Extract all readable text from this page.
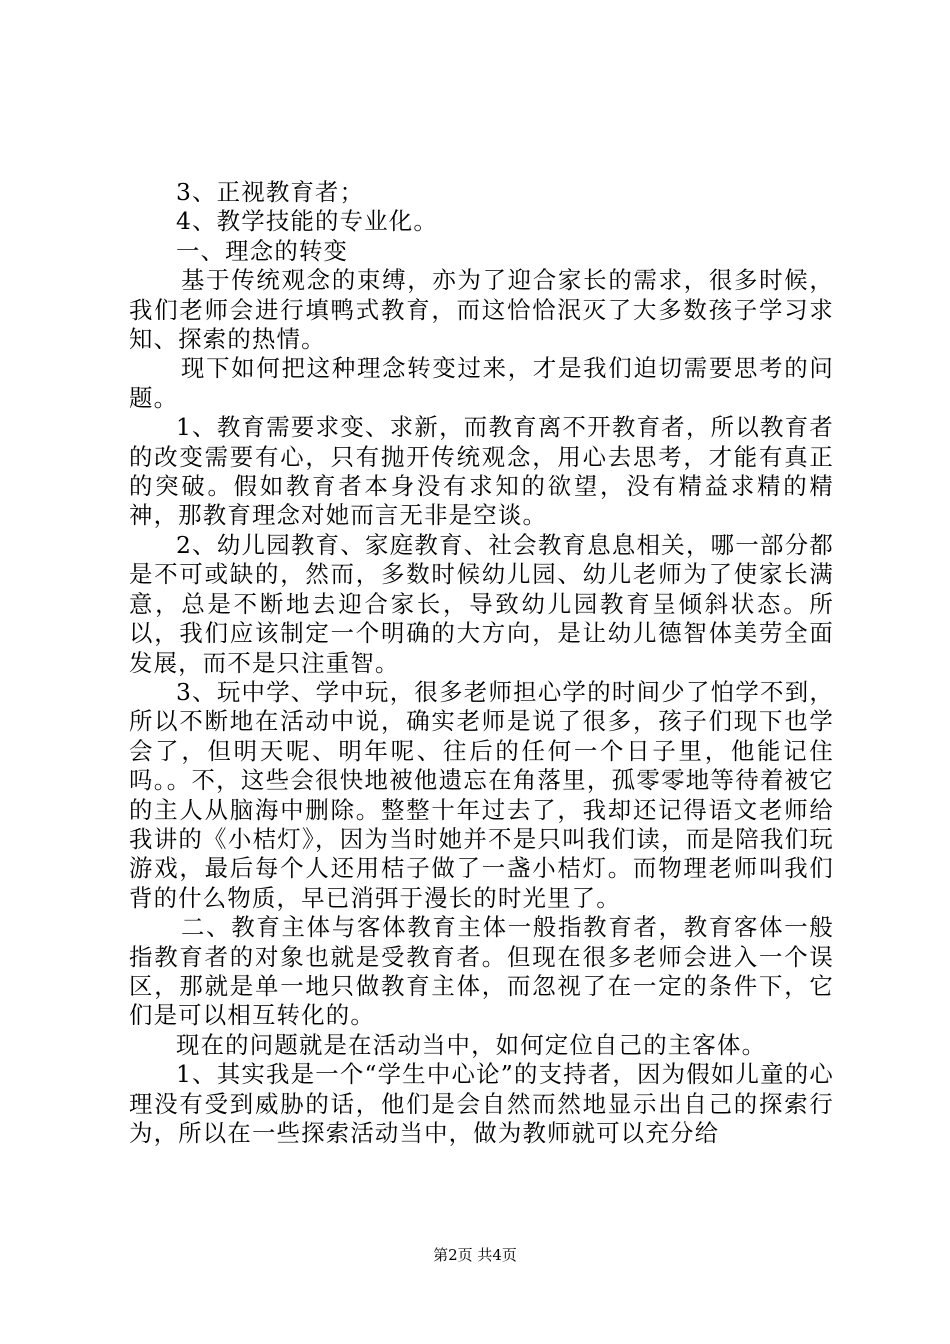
3、正视教育者；

4、教学技能的专业化。

一、理念的转变

基于传统观念的束缚，亦为了迎合家长的需求，很多时候，我们老师会进行填鸭式教育，而这恰恰泯灭了大多数孩子学习求知、探索的热情。

现下如何把这种理念转变过来，才是我们迫切需要思考的问题。

1、教育需要求变、求新，而教育离不开教育者，所以教育者的改变需要有心，只有抛开传统观念，用心去思考，才能有真正的突破。假如教育者本身没有求知的欲望，没有精益求精的精神，那教育理念对她而言无非是空谈。

2、幼儿园教育、家庭教育、社会教育息息相关，哪一部分都是不可或缺的，然而，多数时候幼儿园、幼儿老师为了使家长满意，总是不断地去迎合家长，导致幼儿园教育呈倾斜状态。所以，我们应该制定一个明确的大方向，是让幼儿德智体美劳全面发展，而不是只注重智。

3、玩中学、学中玩，很多老师担心学的时间少了怕学不到，所以不断地在活动中说，确实老师是说了很多，孩子们现下也学会了，但明天呢、明年呢、往后的任何一个日子里，他能记住吗。。不，这些会很快地被他遗忘在角落里，孤零零地等待着被它的主人从脑海中删除。整整十年过去了，我却还记得语文老师给我讲的《小桔灯》，因为当时她并不是只叫我们读，而是陪我们玩游戏，最后每个人还用桔子做了一盏小桔灯。而物理老师叫我们背的什么物质，早已消弭于漫长的时光里了。

二、教育主体与客体教育主体一般指教育者，教育客体一般指教育者的对象也就是受教育者。但现在很多老师会进入一个误区，那就是单一地只做教育主体，而忽视了在一定的条件下，它们是可以相互转化的。

现在的问题就是在活动当中，如何定位自己的主客体。

1、其实我是一个“学生中心论”的支持者，因为假如儿童的心理没有受到威胁的话，他们是会自然而然地显示出自己的探索行为，所以在一些探索活动当中，做为教师就可以充分给

第2页 共4页
